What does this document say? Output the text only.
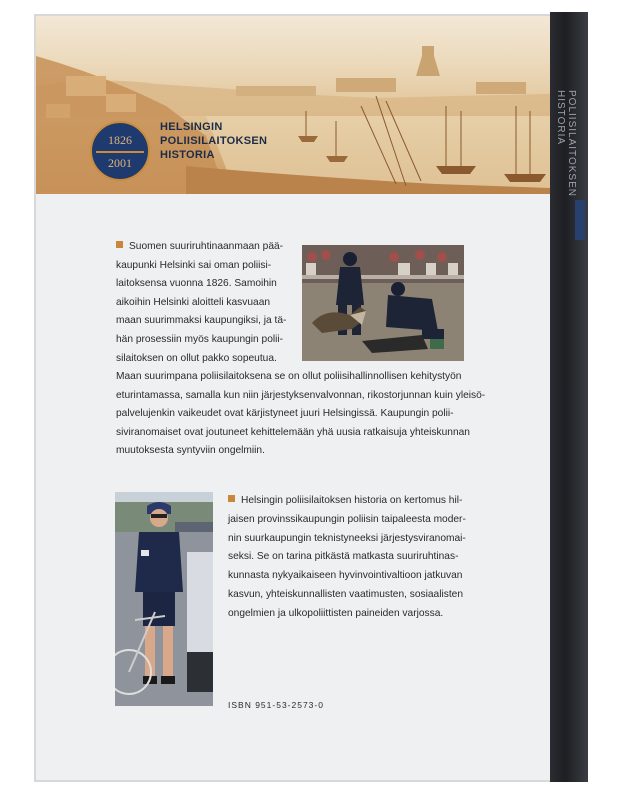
1826
2001
HELSINGIN
POLIISILAITOKSEN
HISTORIA
Suomen suuriruhtinaanmaan pää-
kaupunki Helsinki sai oman poliisi-
laitoksensa vuonna 1826. Samoihin
aikoihin Helsinki aloitteli kasvuaan
maan suurimmaksi kaupungiksi, ja tä-
hän prosessiin myös kaupungin polii-
silaitoksen on ollut pakko sopeutua.
Maan suurimpana poliisilaitoksena se on ollut poliisihallinnollisen kehitystyön
eturintamassa, samalla kun niin järjestyksenvalvonnan, rikostorjunnan kuin yleisö-
palvelujenkin vaikeudet ovat kärjistyneet juuri Helsingissä. Kaupungin polii-
siviranomaiset ovat joutuneet kehittelemään yhä uusia ratkaisuja yhteiskunnan
muutoksesta syntyviin ongelmiin.
Helsingin poliisilaitoksen historia on kertomus hil-
jaisen provinssikaupungin poliisin taipaleesta moder-
nin suurkaupungin teknistyneeksi järjestysviranomai-
seksi. Se on tarina pitkästä matkasta suuriruhtinas-
kunnasta nykyaikaiseen hyvinvointivaltioon jatkuvan
kasvun, yhteiskunnallisten vaatimusten, sosiaalisten
ongelmien ja ulkopoliittisten paineiden varjossa.
ISBN 951-53-2573-0
POLIISILAITOKSEN
HISTORIA
